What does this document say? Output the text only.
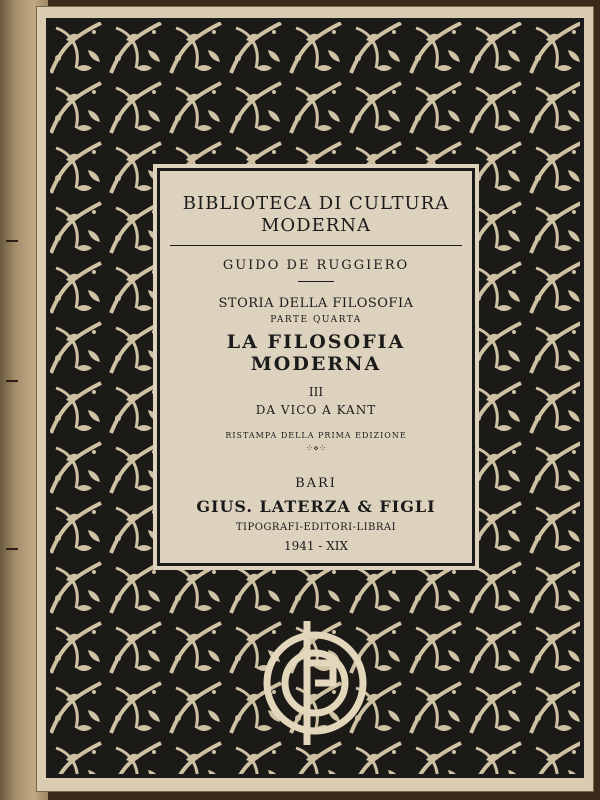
BIBLIOTECA DI CULTURA
MODERNA
GUIDO DE RUGGIERO
STORIA DELLA FILOSOFIA
PARTE QUARTA
LA FILOSOFIA MODERNA
III
DA VICO A KANT
RISTAMPA DELLA PRIMA EDIZIONE
⁘⋄⁘
BARI
GIUS. LATERZA & FIGLI
TIPOGRAFI-EDITORI-LIBRAI
1941 - XIX
